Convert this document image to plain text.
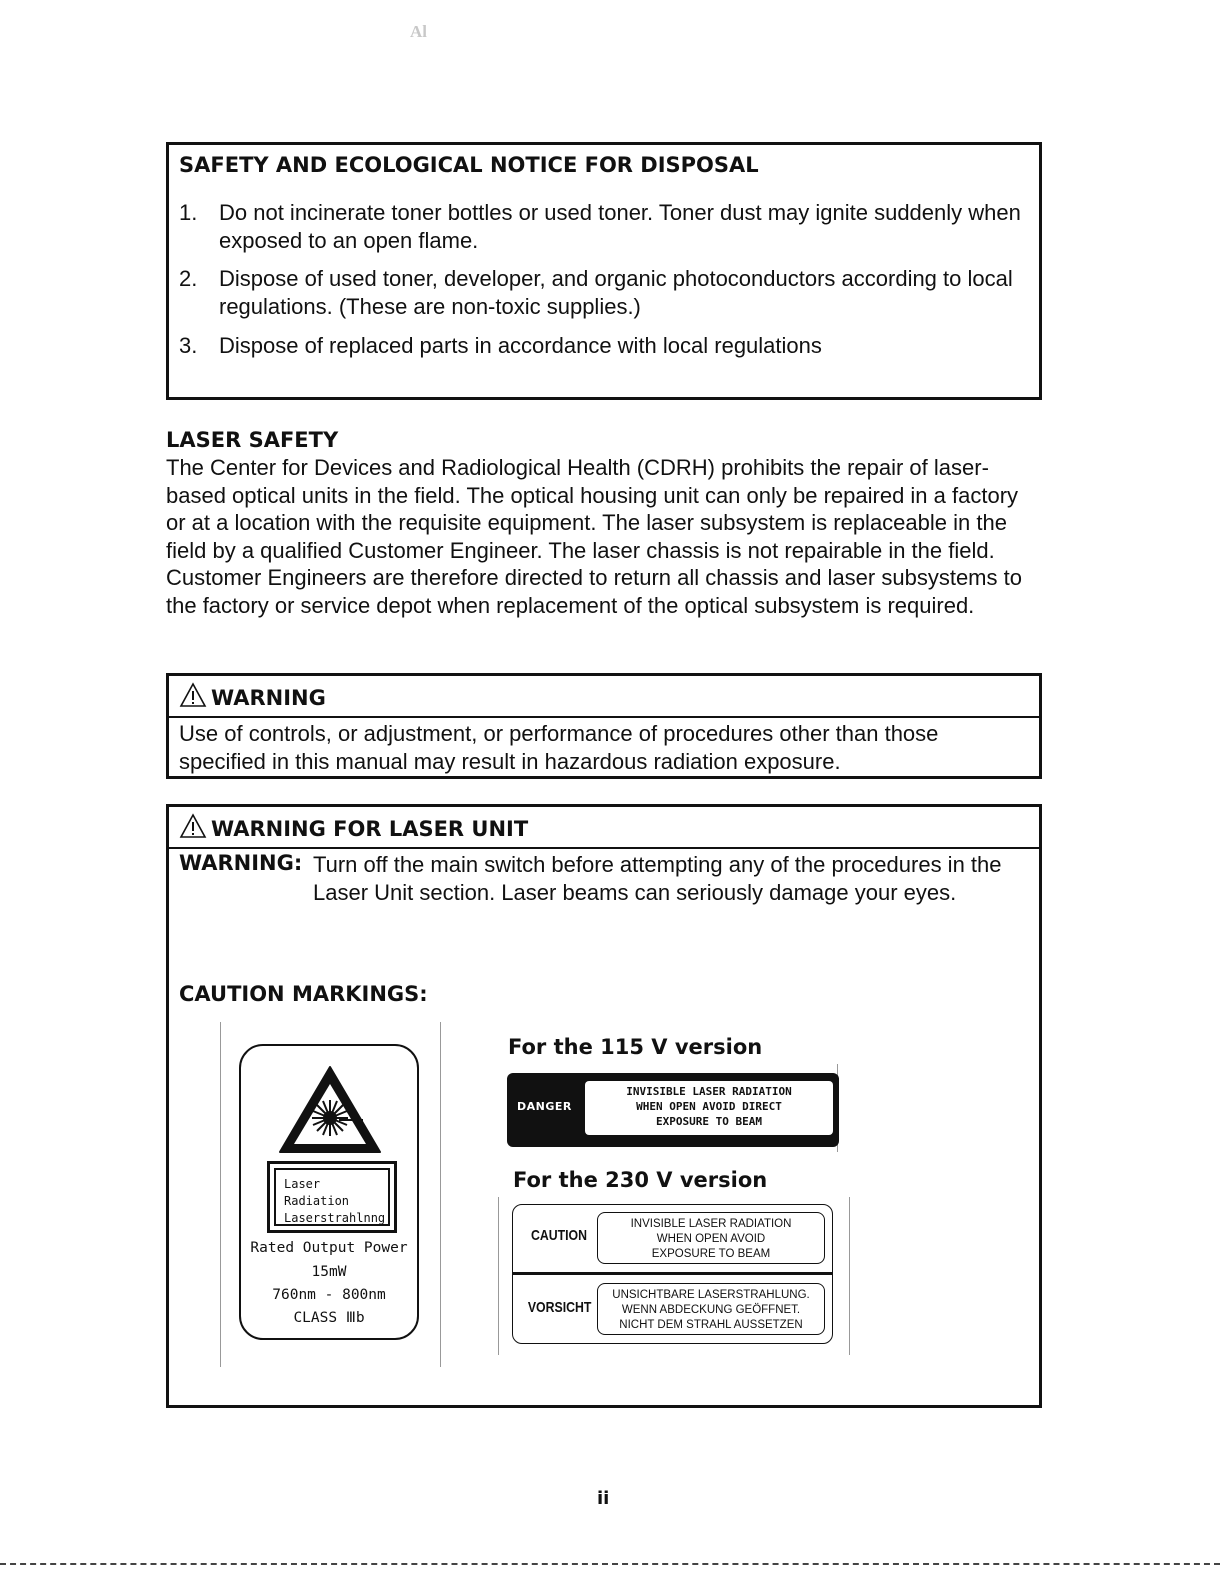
Al
SAFETY AND ECOLOGICAL NOTICE FOR DISPOSAL
1. Do not incinerate toner bottles or used toner. Toner dust may ignite suddenly when exposed to an open flame.
2. Dispose of used toner, developer, and organic photoconductors according to local regulations. (These are non-toxic supplies.)
3. Dispose of replaced parts in accordance with local regulations
LASER SAFETY
The Center for Devices and Radiological Health (CDRH) prohibits the repair of laser-based optical units in the field. The optical housing unit can only be repaired in a factory or at a location with the requisite equipment. The laser subsystem is replaceable in the field by a qualified Customer Engineer. The laser chassis is not repairable in the field. Customer Engineers are therefore directed to return all chassis and laser subsystems to the factory or service depot when replacement of the optical subsystem is required.
WARNING
Use of controls, or adjustment, or performance of procedures other than those specified in this manual may result in hazardous radiation exposure.
WARNING FOR LASER UNIT
WARNING: Turn off the main switch before attempting any of the procedures in the Laser Unit section. Laser beams can seriously damage your eyes.
CAUTION MARKINGS:
Laser Radiation
Laserstrahlnng
Rated Output Power
15mW
760nm - 800nm
CLASS Ⅲb
For the 115 V version
DANGER
INVISIBLE LASER RADIATION
WHEN OPEN AVOID DIRECT
EXPOSURE TO BEAM
For the 230 V version
CAUTION
INVISIBLE LASER RADIATION
WHEN OPEN AVOID
EXPOSURE TO BEAM
VORSICHT
UNSICHTBARE LASERSTRAHLUNG.
WENN ABDECKUNG GEÖFFNET.
NICHT DEM STRAHL AUSSETZEN
ii
